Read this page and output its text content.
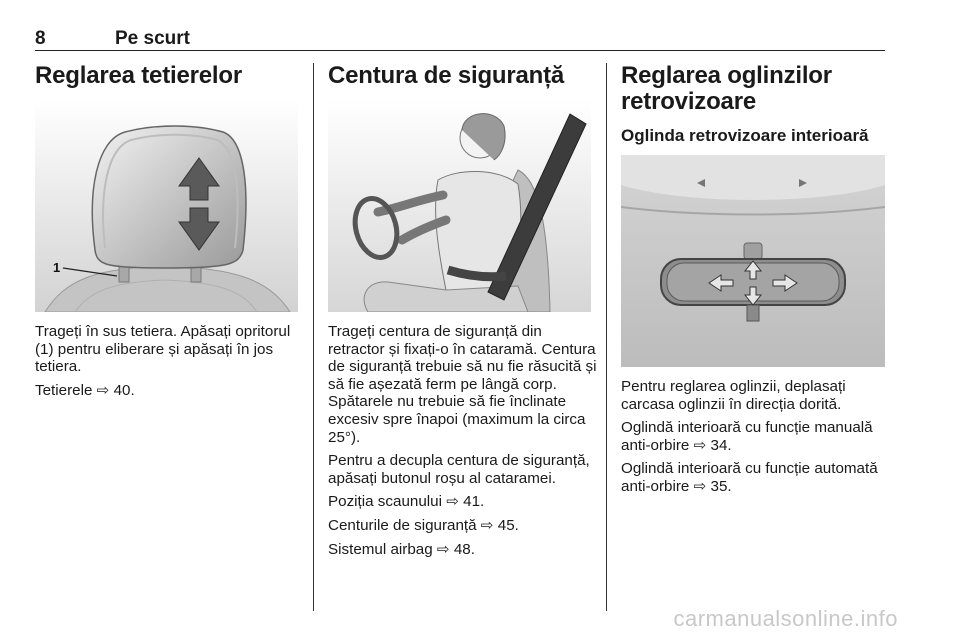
8	Pe scurt
Reglarea tetierelor
1

Trageți în sus tetiera. Apăsați opritorul (1) pentru eliberare și apăsați în jos tetiera.

Tetierele ⇨ 40.

Centura de siguranță

Trageți centura de siguranță din retractor și fixați-o în cataramă. Centura de siguranță trebuie să nu fie răsucită și să fie așezată ferm pe lângă corp. Spătarele nu trebuie să fie înclinate excesiv spre înapoi (maximum la circa 25°).

Pentru a decupla centura de siguranță, apăsați butonul roșu al cataramei.

Poziția scaunului ⇨ 41.

Centurile de siguranță ⇨ 45.

Sistemul airbag ⇨ 48.

Reglarea oglinzilor retrovizoare
Oglinda retrovizoare interioară

Pentru reglarea oglinzii, deplasați carcasa oglinzii în direcția dorită.

Oglindă interioară cu funcție manuală anti-orbire ⇨ 34.

Oglindă interioară cu funcție automată anti-orbire ⇨ 35.

carmanualsonline.info
